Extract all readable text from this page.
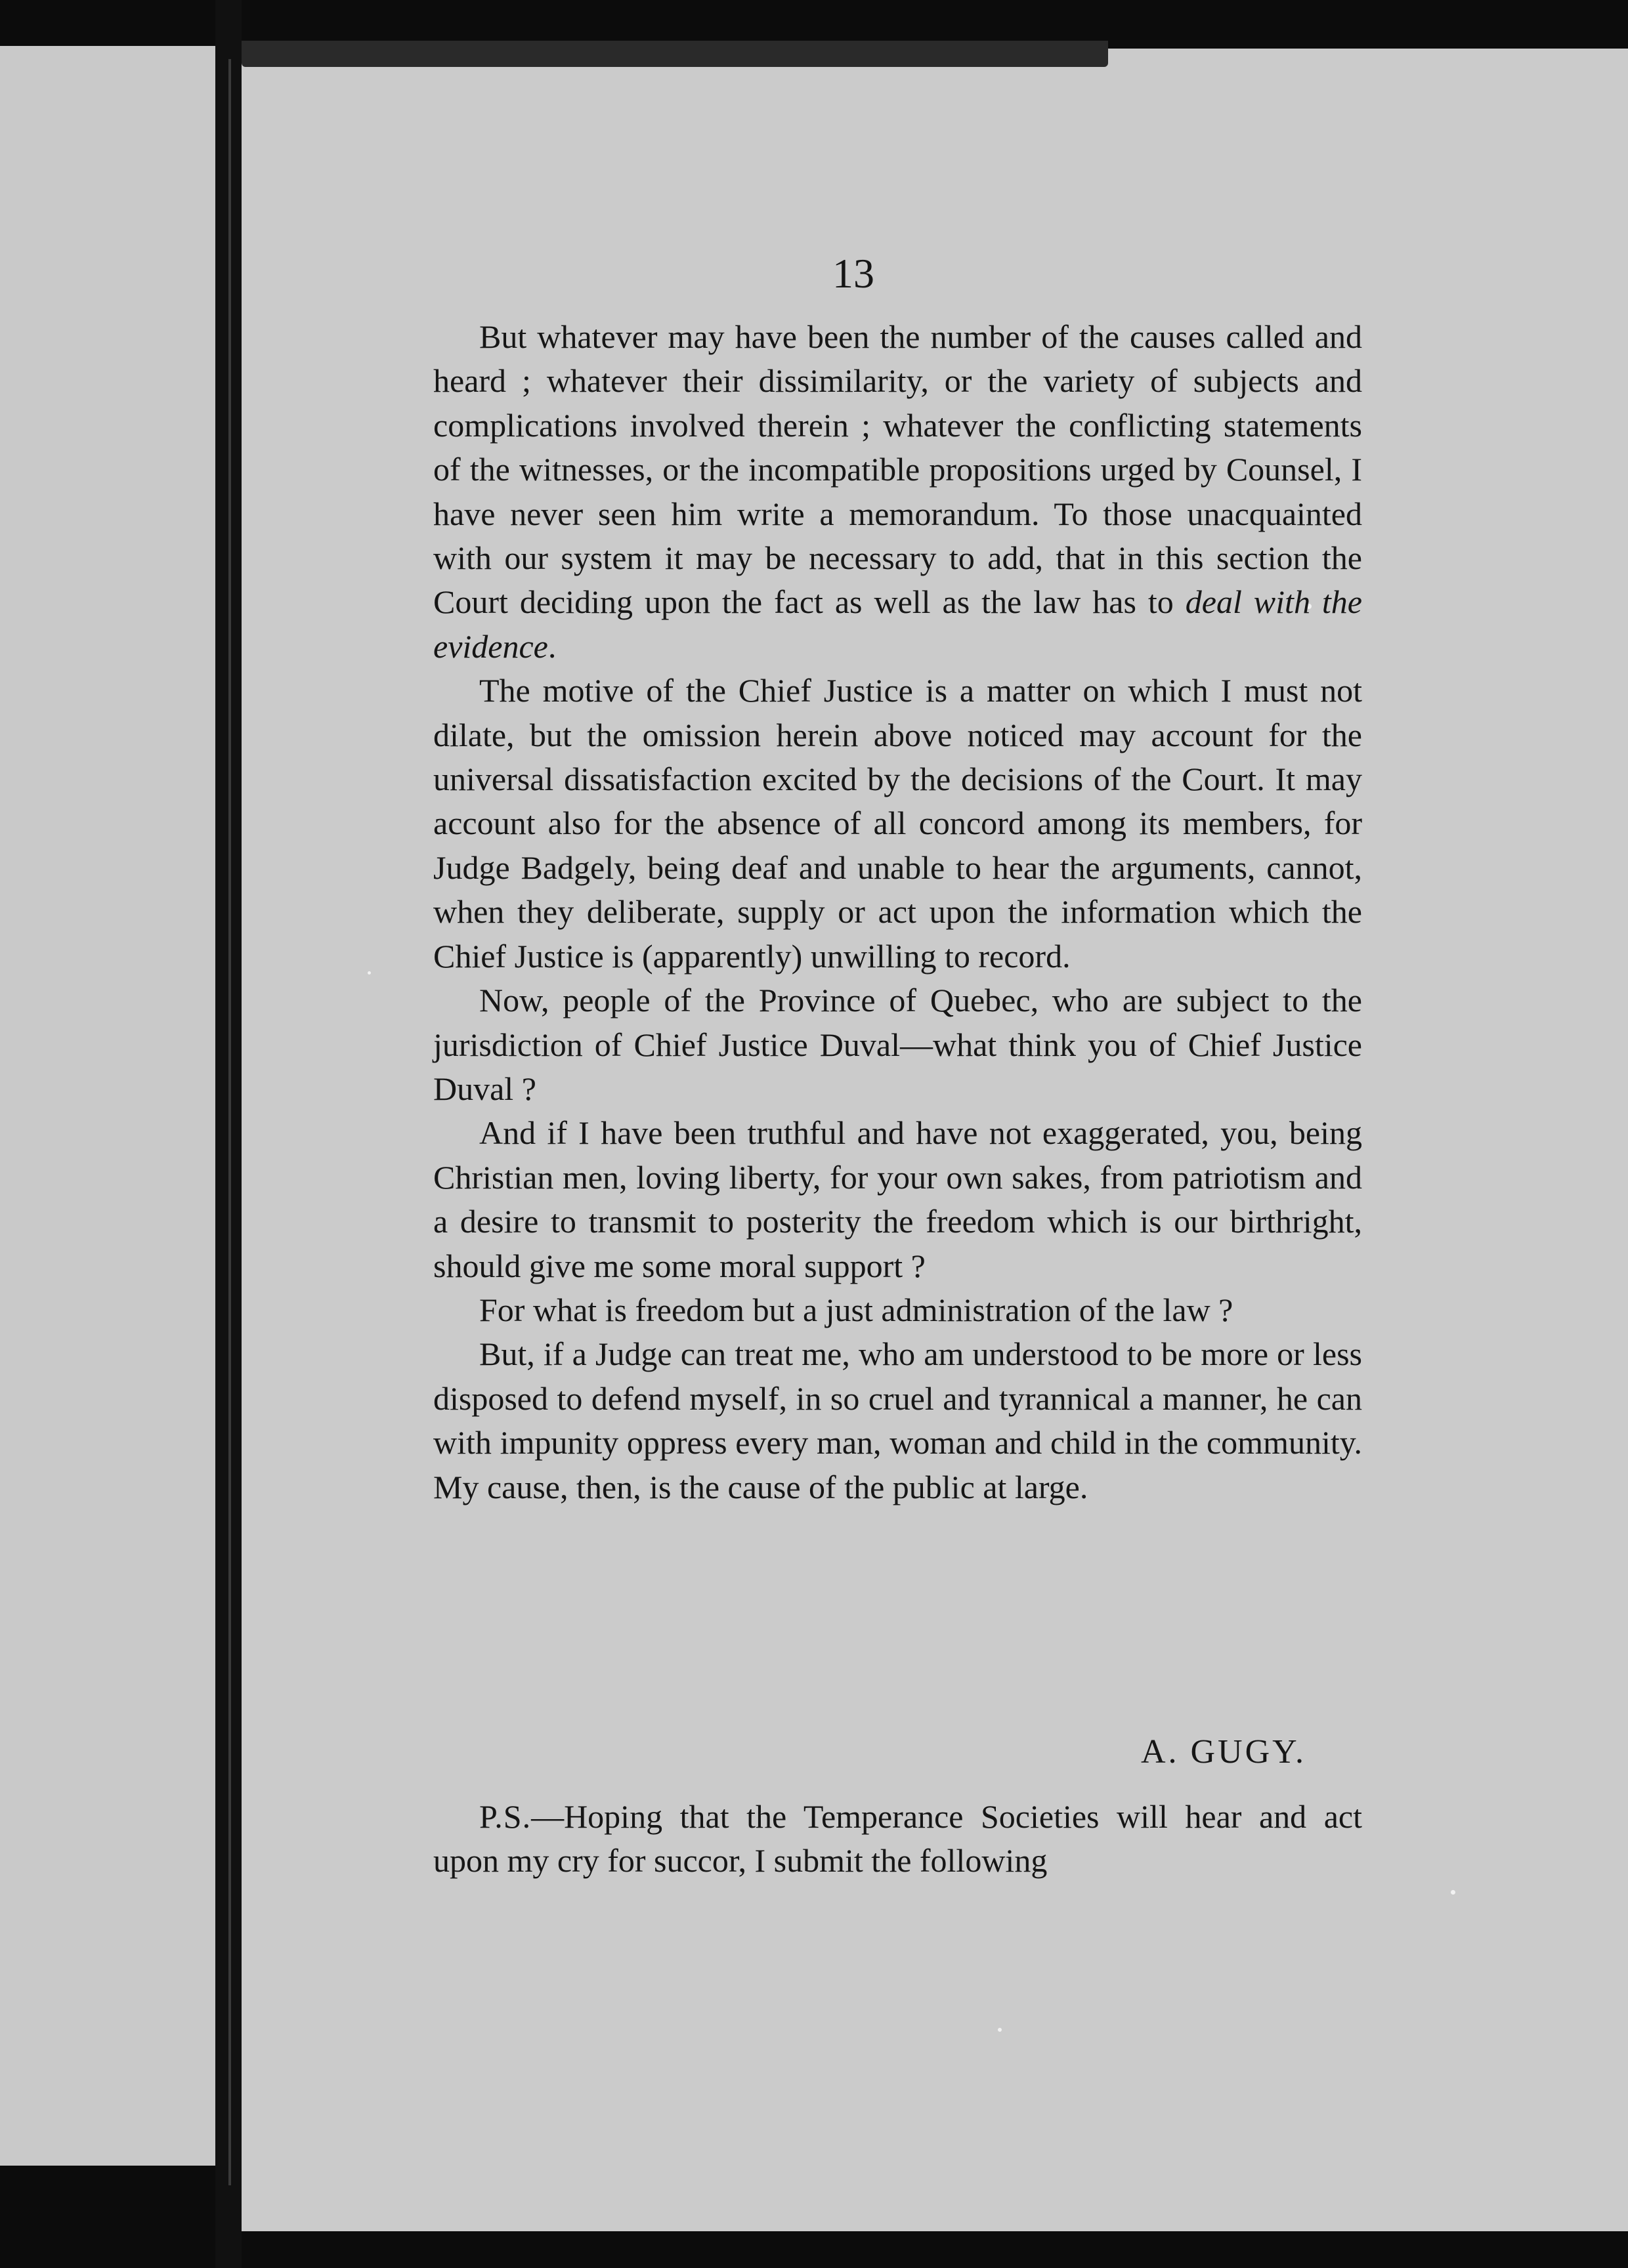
13

But whatever may have been the number of the causes called and heard ; whatever their dissimilarity, or the variety of subjects and complications involved therein ; whatever the conflicting statements of the witnesses, or the incompatible propositions urged by Counsel, I have never seen him write a memorandum. To those unacquainted with our system it may be necessary to add, that in this section the Court deciding upon the fact as well as the law has to deal with the evidence.

The motive of the Chief Justice is a matter on which I must not dilate, but the omission herein above noticed may account for the universal dissatisfaction excited by the decisions of the Court. It may account also for the absence of all concord among its members, for Judge Badgely, being deaf and unable to hear the arguments, cannot, when they deliberate, supply or act upon the information which the Chief Justice is (apparently) unwilling to record.

Now, people of the Province of Quebec, who are subject to the jurisdiction of Chief Justice Duval—what think you of Chief Justice Duval ?

And if I have been truthful and have not exaggerated, you, being Christian men, loving liberty, for your own sakes, from patriotism and a desire to transmit to posterity the freedom which is our birthright, should give me some moral support ?

For what is freedom but a just administration of the law ?

But, if a Judge can treat me, who am understood to be more or less disposed to defend myself, in so cruel and tyrannical a manner, he can with impunity oppress every man, woman and child in the community. My cause, then, is the cause of the public at large.

A. GUGY.

P.S.—Hoping that the Temperance Societies will hear and act upon my cry for succor, I submit the following
